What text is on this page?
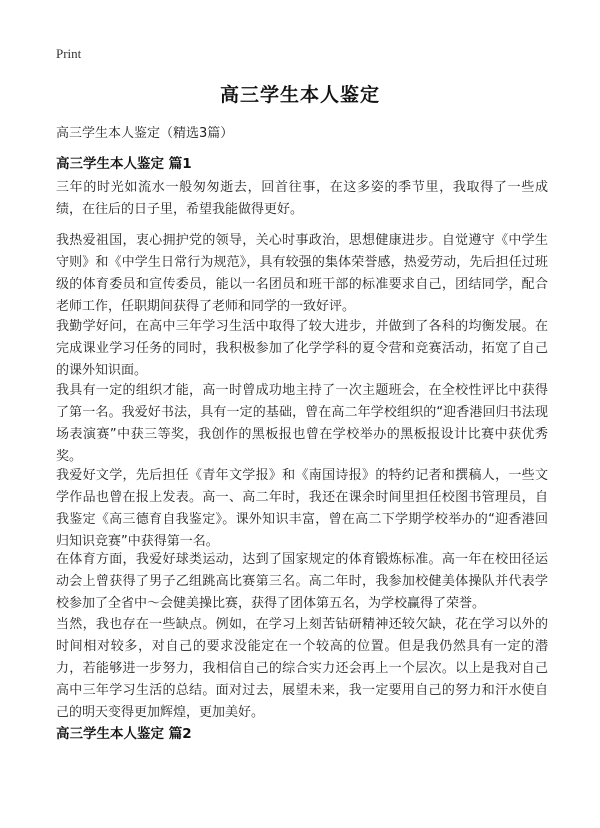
Print
高三学生本人鉴定
高三学生本人鉴定（精选3篇）
高三学生本人鉴定 篇1
三年的时光如流水一般匆匆逝去，回首往事，在这多姿的季节里，我取得了一些成绩，在往后的日子里，希望我能做得更好。
我热爱祖国，衷心拥护党的领导，关心时事政治，思想健康进步。自觉遵守《中学生守则》和《中学生日常行为规范》，具有较强的集体荣誉感，热爱劳动，先后担任过班级的体育委员和宣传委员，能以一名团员和班干部的标准要求自己，团结同学，配合老师工作，任职期间获得了老师和同学的一致好评。
我勤学好问，在高中三年学习生活中取得了较大进步，并做到了各科的均衡发展。在完成课业学习任务的同时，我积极参加了化学学科的夏令营和竞赛活动，拓宽了自己的课外知识面。
我具有一定的组织才能，高一时曾成功地主持了一次主题班会，在全校性评比中获得了第一名。我爱好书法，具有一定的基础，曾在高二年学校组织的“迎香港回归书法现场表演赛”中获三等奖，我创作的黑板报也曾在学校举办的黑板报设计比赛中获优秀奖。
我爱好文学，先后担任《青年文学报》和《南国诗报》的特约记者和撰稿人，一些文学作品也曾在报上发表。高一、高二年时，我还在课余时间里担任校图书管理员，自我鉴定《高三德育自我鉴定》。课外知识丰富，曾在高二下学期学校举办的“迎香港回归知识竞赛”中获得第一名。
在体育方面，我爱好球类运动，达到了国家规定的体育锻炼标准。高一年在校田径运动会上曾获得了男子乙组跳高比赛第三名。高二年时，我参加校健美体操队并代表学校参加了全省中～会健美操比赛，获得了团体第五名，为学校赢得了荣誉。
当然，我也存在一些缺点。例如，在学习上刻苦钻研精神还较欠缺，花在学习以外的时间相对较多，对自己的要求没能定在一个较高的位置。但是我仍然具有一定的潜力，若能够进一步努力，我相信自己的综合实力还会再上一个层次。以上是我对自己高中三年学习生活的总结。面对过去，展望未来，我一定要用自己的努力和汗水使自己的明天变得更加辉煌，更加美好。
高三学生本人鉴定 篇2
